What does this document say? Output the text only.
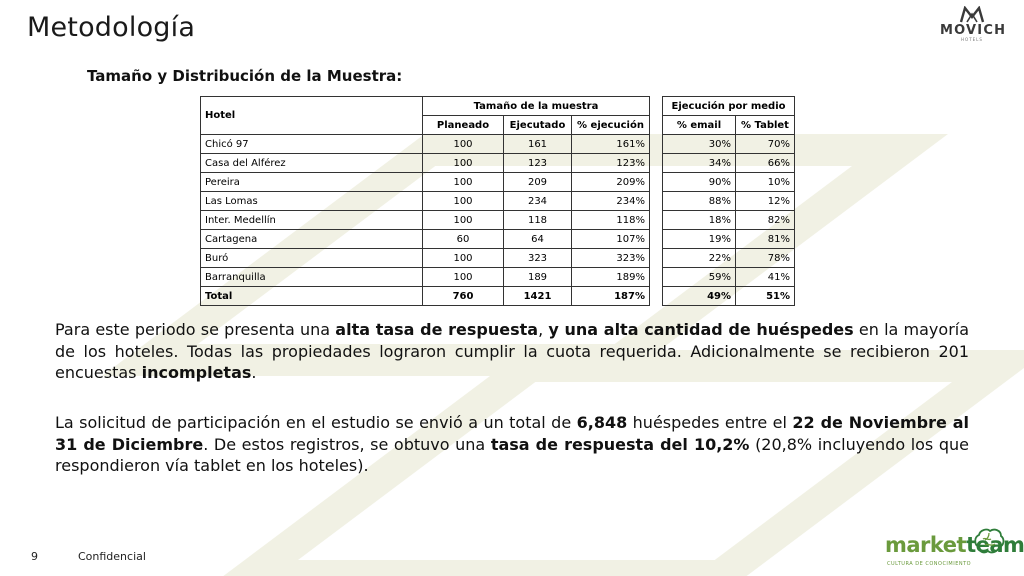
Metodología	MOVICH
HOTELS
Tamaño y Distribución de la Muestra:
Hotel	Tamaño de la muestra				Ejecución por medio	
	Planeado	Ejecutado	% ejecución		% email	% Tablet
Chicó 97	100	161	161%		30%	70%
Casa del Alférez	100	123	123%		34%	66%
Pereira	100	209	209%		90%	10%
Las Lomas	100	234	234%		88%	12%
Inter. Medellín	100	118	118%		18%	82%
Cartagena	60	64	107%		19%	81%
Buró	100	323	323%		22%	78%
Barranquilla	100	189	189%		59%	41%
Total	760	1421	187%		49%	51%

Para este periodo se presenta una alta tasa de respuesta, y una alta cantidad de huéspedes en la mayoría de los hoteles. Todas las propiedades lograron cumplir la cuota requerida. Adicionalmente se recibieron 201 encuestas incompletas.

La solicitud de participación en el estudio se envió a un total de 6,848 huéspedes entre el 22 de Noviembre al 31 de Diciembre. De estos registros, se obtuvo una tasa de respuesta del 10,2% (20,8% incluyendo los que respondieron vía tablet en los hoteles).

9	Confidencial	marketteam
CULTURA DE CONOCIMIENTO
